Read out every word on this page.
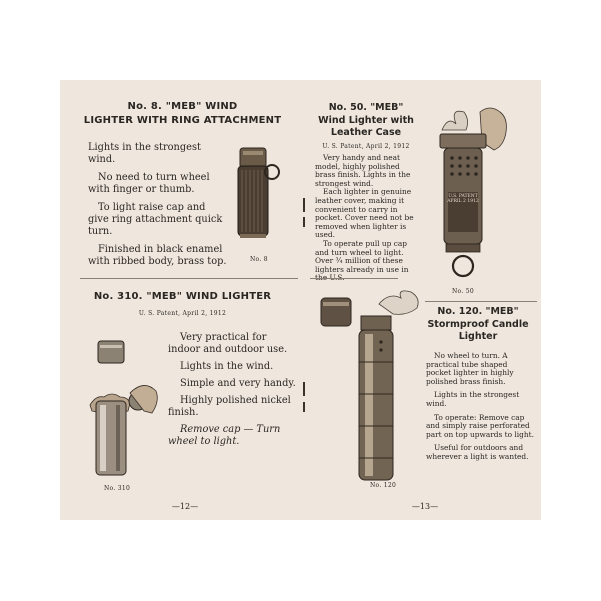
No. 8. "MEB" WIND
LIGHTER WITH RING ATTACHMENT

Lights in the strongest wind.

No need to turn wheel with finger or thumb.

To light raise cap and give ring attachment quick turn.

Finished in black enamel with ribbed body, brass top.	No. 8
No. 310. "MEB" WIND LIGHTER
U. S. Patent, April 2, 1912
No. 310

Very practical for indoor and outdoor use.

Lights in the wind.

Simple and very handy.

Highly polished nickel finish.

Remove cap — Turn wheel to light.

—12—
No. 50. "MEB"
Wind Lighter with
Leather Case
U. S. Patent, April 2, 1912

Very handy and neat model, highly polished brass finish. Lights in the strongest wind.

Each lighter in genuine leather cover, making it convenient to carry in pocket. Cover need not be removed when lighter is used.

To operate pull up cap and turn wheel to light. Over ¾ million of these lighters already in use in the U.S.

U.S. PATENT APRIL 2 1912
No. 50
No. 120
No. 120. "MEB"
Stormproof Candle
Lighter

No wheel to turn. A practical tube shaped pocket lighter in highly polished brass finish.

Lights in the strongest wind.

To operate: Remove cap and simply raise perforated part on top upwards to light.

Useful for outdoors and wherever a light is wanted.

—13—
